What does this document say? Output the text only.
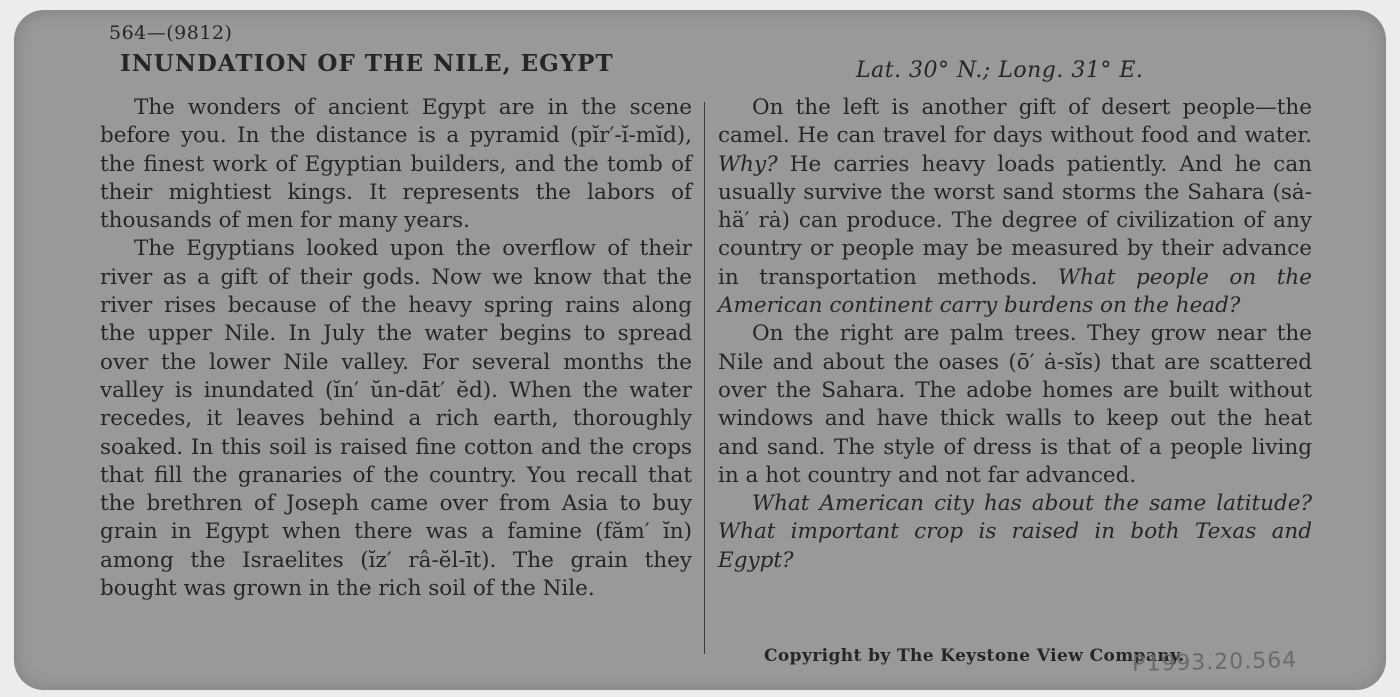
564—(9812)
INUNDATION OF THE NILE, EGYPT	Lat. 30° N.; Long. 31° E.

The wonders of ancient Egypt are in the scene before you. In the distance is a pyramid (pĭr′-ĭ-mĭd), the finest work of Egyptian builders, and the tomb of their mightiest kings. It represents the labors of thousands of men for many years.

The Egyptians looked upon the overflow of their river as a gift of their gods. Now we know that the river rises because of the heavy spring rains along the upper Nile. In July the water begins to spread over the lower Nile valley. For several months the valley is inundated (ĭn′ ŭn-dāt′ ĕd). When the water recedes, it leaves behind a rich earth, thoroughly soaked. In this soil is raised fine cotton and the crops that fill the granaries of the country. You recall that the brethren of Joseph came over from Asia to buy grain in Egypt when there was a famine (făm′ ĭn) among the Israelites (ĭz′ râ-ĕl-īt). The grain they bought was grown in the rich soil of the Nile.

On the left is another gift of desert people—the camel. He can travel for days without food and water. Why? He carries heavy loads patiently. And he can usually survive the worst sand storms the Sahara (sȧ-hä′ rȧ) can produce. The degree of civilization of any country or people may be measured by their advance in transportation methods. What people on the American continent carry burdens on the head?

On the right are palm trees. They grow near the Nile and about the oases (ō′ ȧ-sĭs) that are scattered over the Sahara. The adobe homes are built without windows and have thick walls to keep out the heat and sand. The style of dress is that of a people living in a hot country and not far advanced.

What American city has about the same latitude? What important crop is raised in both Texas and Egypt?

Copyright by The Keystone View Company.
P1993.20.564
